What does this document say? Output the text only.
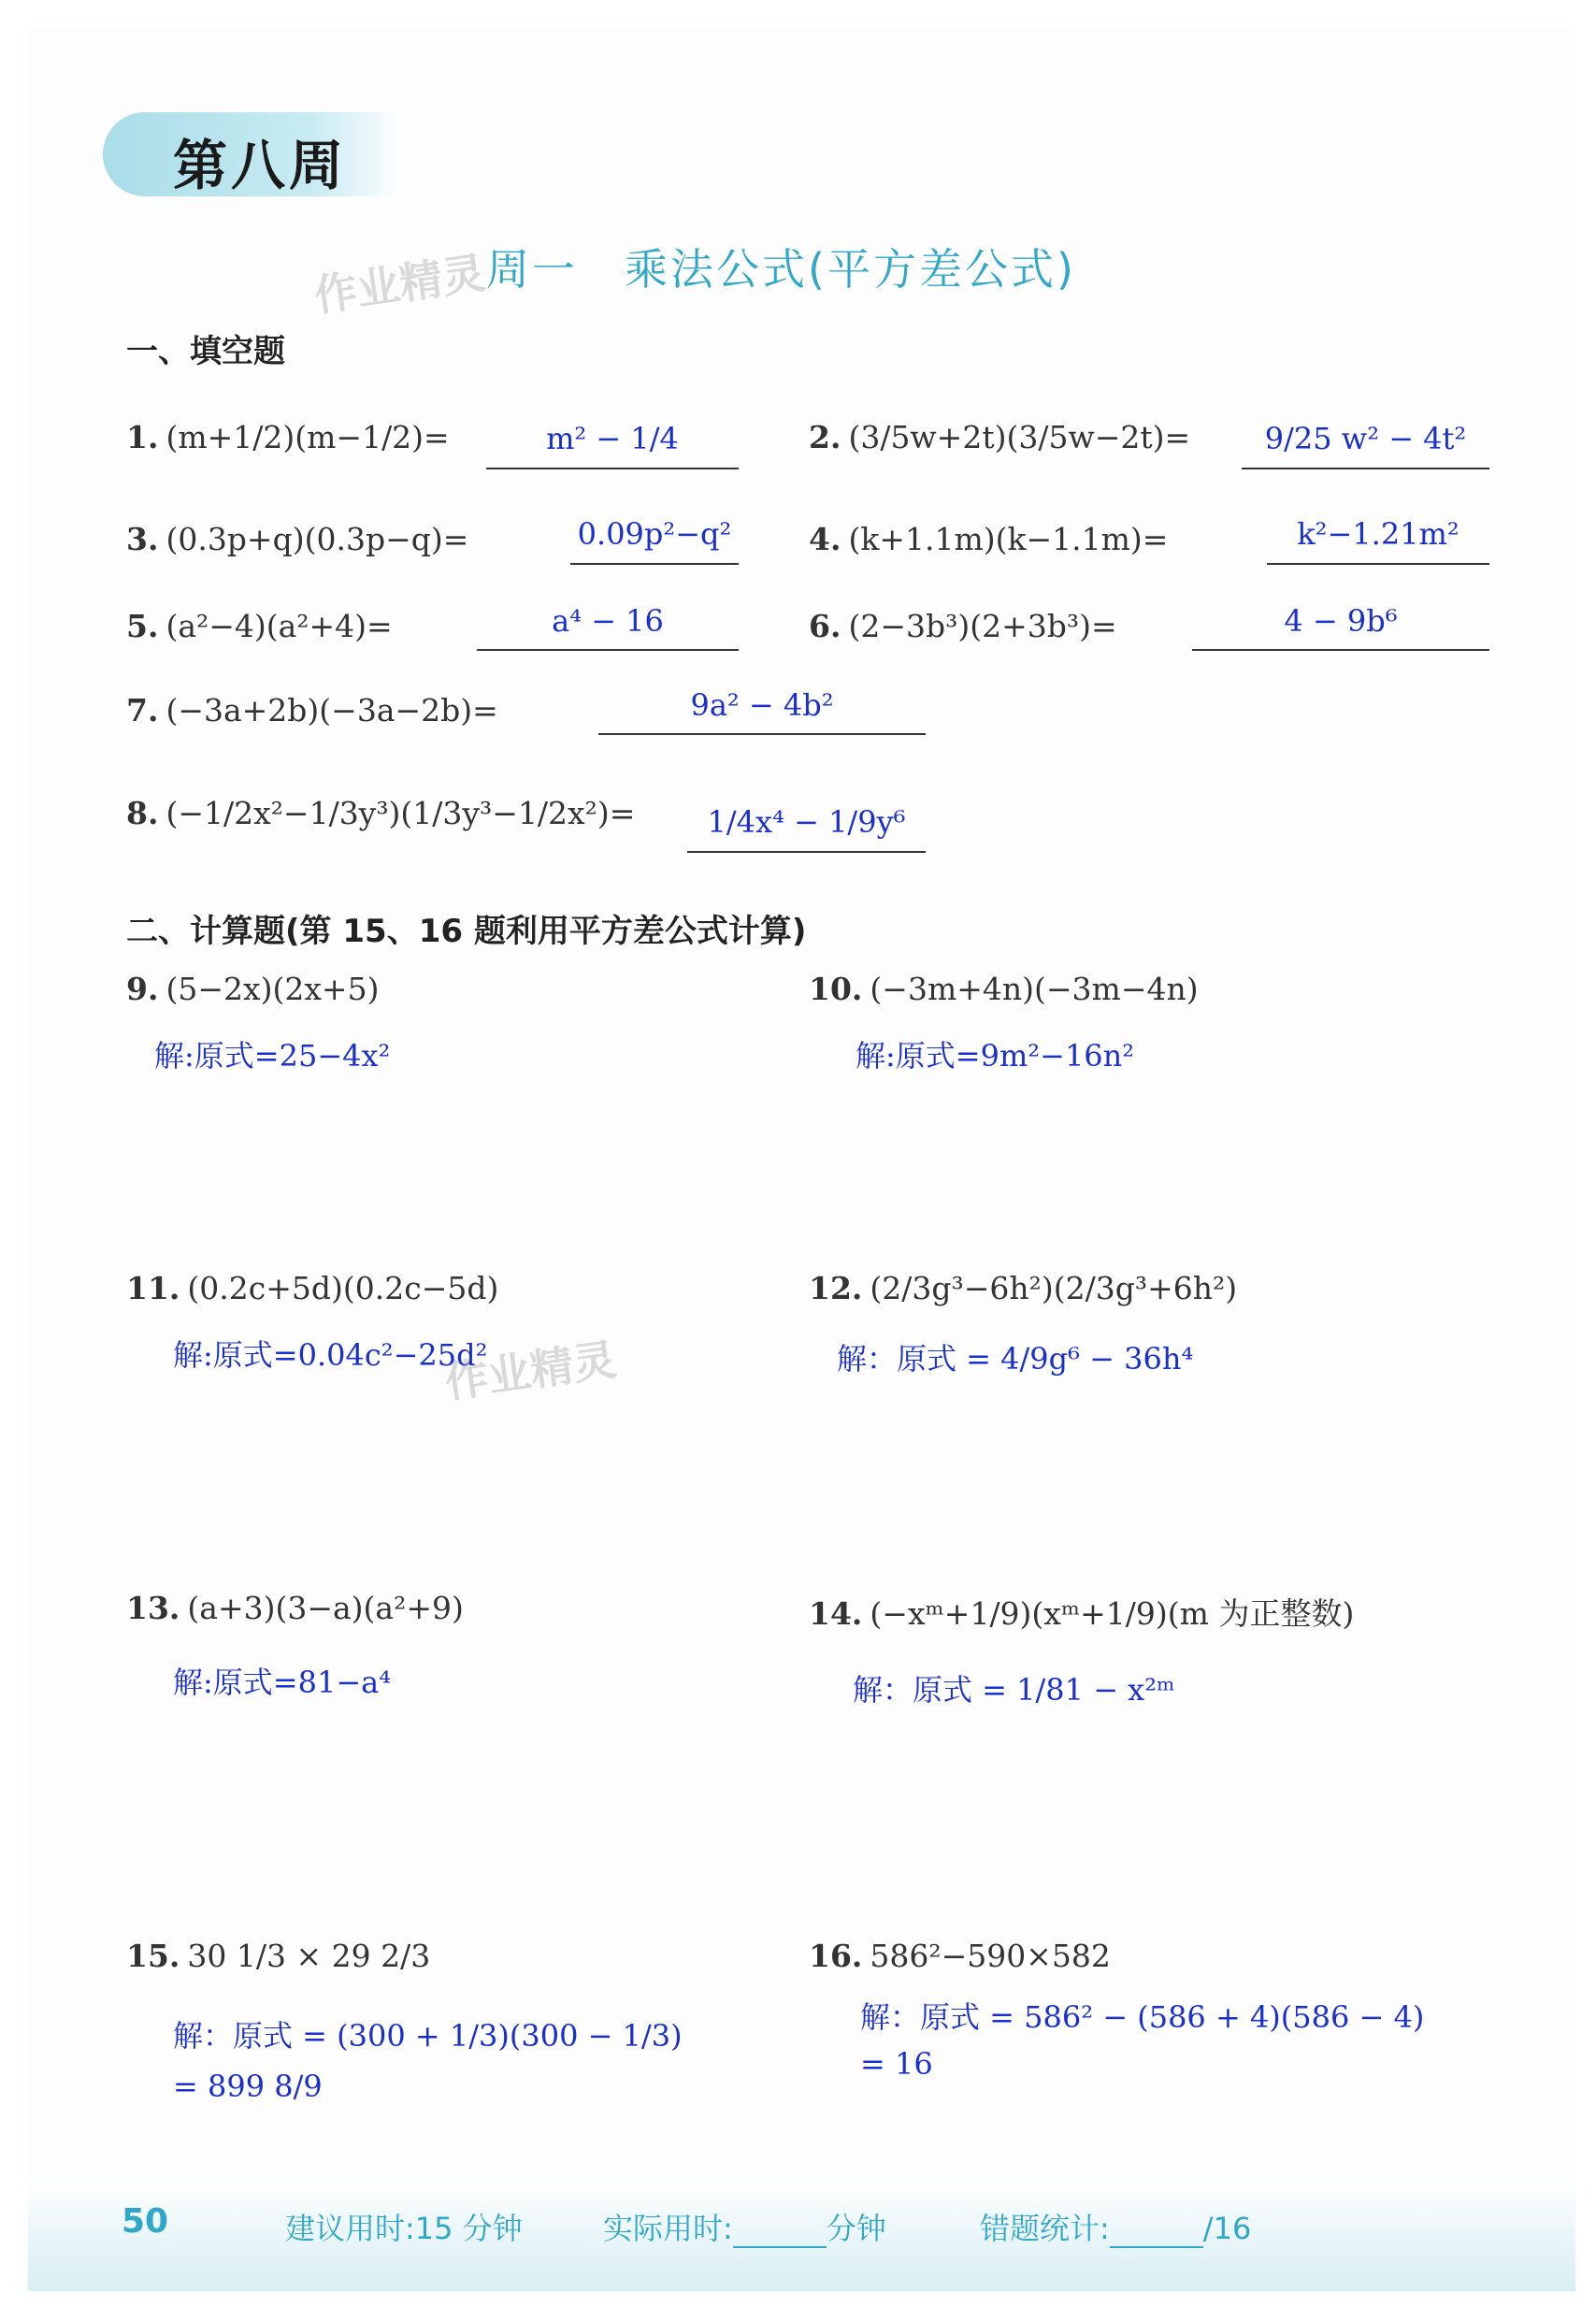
第八周
周一 乘法公式(平方差公式)
作业精灵
一、填空题
1. (m+1/2)(m−1/2)=	m² − 1/4	2. (3/5w+2t)(3/5w−2t)=	9/25 w² − 4t²
3. (0.3p+q)(0.3p−q)=	0.09p²−q²	4. (k+1.1m)(k−1.1m)=	k²−1.21m²
5. (a²−4)(a²+4)=	a⁴ − 16	6. (2−3b³)(2+3b³)=	4 − 9b⁶
7. (−3a+2b)(−3a−2b)=	9a² − 4b²
8. (−1/2x²−1/3y³)(1/3y³−1/2x²)=	1/4x⁴ − 1/9y⁶
二、计算题(第 15、16 题利用平方差公式计算)
9. (5−2x)(2x+5)
解:原式=25−4x²
10. (−3m+4n)(−3m−4n)
解:原式=9m²−16n²
11. (0.2c+5d)(0.2c−5d)
解:原式=0.04c²−25d²
作业精灵
12. (2/3g³−6h²)(2/3g³+6h²)
解：原式 = 4/9g⁶ − 36h⁴
13. (a+3)(3−a)(a²+9)
解:原式=81−a⁴
14. (−xᵐ+1/9)(xᵐ+1/9)(m 为正整数)
解：原式 = 1/81 − x²ᵐ
15. 30 1/3 × 29 2/3
解：原式 = (300 + 1/3)(300 − 1/3)
= 899 8/9
16. 586²−590×582
解：原式 = 586² − (586 + 4)(586 − 4)
= 16
50	建议用时:15 分钟	实际用时:	分钟	错题统计:	/16
